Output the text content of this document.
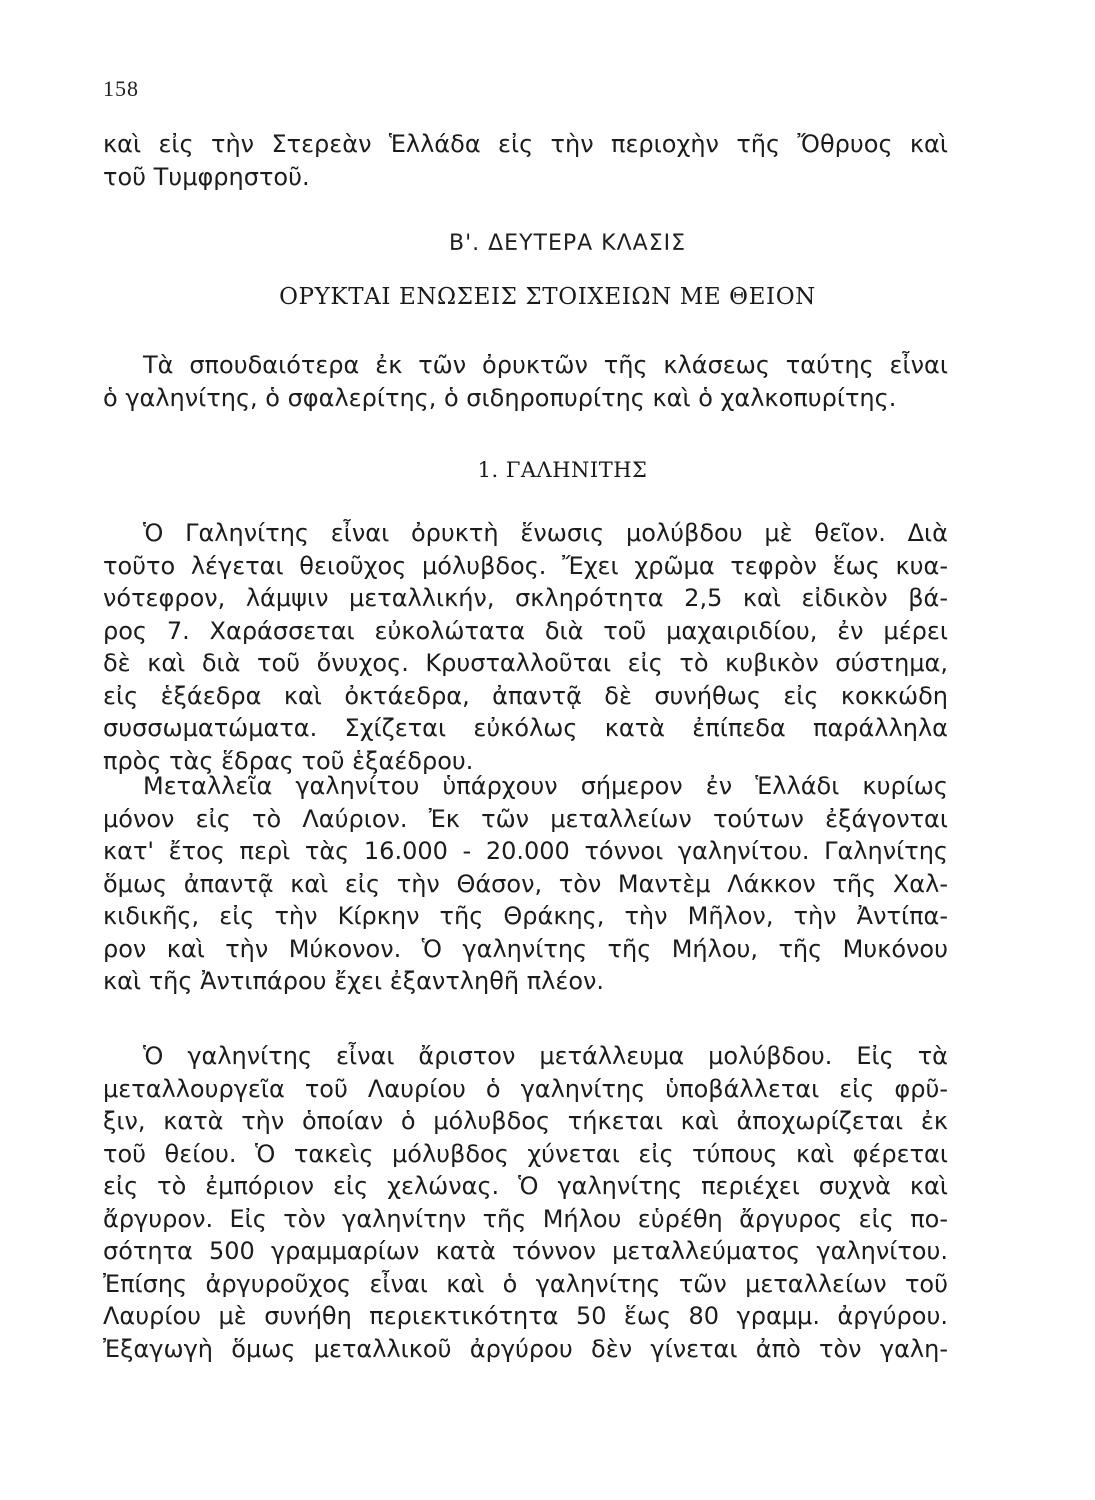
158
καὶ εἰς τὴν Στερεὰν Ἑλλάδα εἰς τὴν περιοχὴν τῆς Ὄθρυος καὶ
τοῦ Τυμφρηστοῦ.
Β'. ΔΕΥΤΕΡΑ ΚΛΑΣΙΣ
ΟΡΥΚΤΑΙ ΕΝΩΣΕΙΣ ΣΤΟΙΧΕΙΩΝ ΜΕ ΘΕΙΟΝ
Τὰ σπουδαιότερα ἐκ τῶν ὀρυκτῶν τῆς κλάσεως ταύτης εἶναι
ὁ γαληνίτης, ὁ σφαλερίτης, ὁ σιδηροπυρίτης καὶ ὁ χαλκοπυρίτης.
1. ΓΑΛΗΝΙΤΗΣ
Ὁ Γαληνίτης εἶναι ὀρυκτὴ ἕνωσις μολύβδου μὲ θεῖον. Διὰ
τοῦτο λέγεται θειοῦχος μόλυβδος. Ἔχει χρῶμα τεφρὸν ἕως κυα-
νότεφρον, λάμψιν μεταλλικήν, σκληρότητα 2,5 καὶ εἰδικὸν βά-
ρος 7. Χαράσσεται εὐκολώτατα διὰ τοῦ μαχαιριδίου, ἐν μέρει
δὲ καὶ διὰ τοῦ ὄνυχος. Κρυσταλλοῦται εἰς τὸ κυβικὸν σύστημα,
εἰς ἑξάεδρα καὶ ὀκτάεδρα, ἀπαντᾷ δὲ συνήθως εἰς κοκκώδη
συσσωματώματα. Σχίζεται εὐκόλως κατὰ ἐπίπεδα παράλληλα
πρὸς τὰς ἕδρας τοῦ ἑξαέδρου.
Μεταλλεῖα γαληνίτου ὑπάρχουν σήμερον ἐν Ἑλλάδι κυρίως
μόνον εἰς τὸ Λαύριον. Ἐκ τῶν μεταλλείων τούτων ἐξάγονται
κατ' ἔτος περὶ τὰς 16.000 - 20.000 τόννοι γαληνίτου. Γαληνίτης
ὅμως ἀπαντᾷ καὶ εἰς τὴν Θάσον, τὸν Μαντὲμ Λάκκον τῆς Χαλ-
κιδικῆς, εἰς τὴν Κίρκην τῆς Θράκης, τὴν Μῆλον, τὴν Ἀντίπα-
ρον καὶ τὴν Μύκονον. Ὁ γαληνίτης τῆς Μήλου, τῆς Μυκόνου
καὶ τῆς Ἀντιπάρου ἔχει ἐξαντληθῆ πλέον.
Ὁ γαληνίτης εἶναι ἄριστον μετάλλευμα μολύβδου. Εἰς τὰ
μεταλλουργεῖα τοῦ Λαυρίου ὁ γαληνίτης ὑποβάλλεται εἰς φρῦ-
ξιν, κατὰ τὴν ὁποίαν ὁ μόλυβδος τήκεται καὶ ἀποχωρίζεται ἐκ
τοῦ θείου. Ὁ τακεὶς μόλυβδος χύνεται εἰς τύπους καὶ φέρεται
εἰς τὸ ἐμπόριον εἰς χελώνας. Ὁ γαληνίτης περιέχει συχνὰ καὶ
ἄργυρον. Εἰς τὸν γαληνίτην τῆς Μήλου εὑρέθη ἄργυρος εἰς πο-
σότητα 500 γραμμαρίων κατὰ τόννον μεταλλεύματος γαληνίτου.
Ἐπίσης ἀργυροῦχος εἶναι καὶ ὁ γαληνίτης τῶν μεταλλείων τοῦ
Λαυρίου μὲ συνήθη περιεκτικότητα 50 ἕως 80 γραμμ. ἀργύρου.
Ἐξαγωγὴ ὅμως μεταλλικοῦ ἀργύρου δὲν γίνεται ἀπὸ τὸν γαλη-
